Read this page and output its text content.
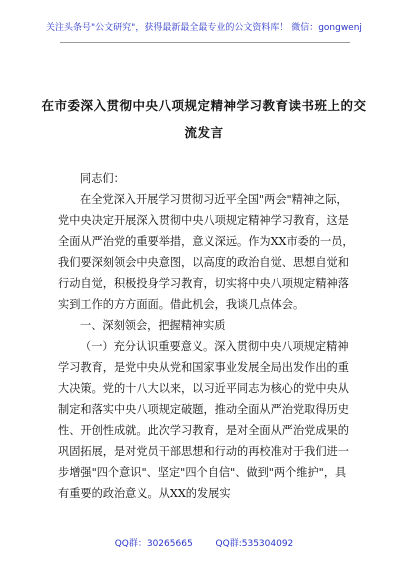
关注头条号"公文研究"，获得最新最全最专业的公文资料库！ 微信：gongwenj
在市委深入贯彻中央八项规定精神学习教育读书班上的交
流发言

同志们：

在全党深入开展学习贯彻习近平全国"两会"精神之际，党中央决定开展深入贯彻中央八项规定精神学习教育，这是全面从严治党的重要举措，意义深远。作为XX市委的一员，我们要深刻领会中央意图，以高度的政治自觉、思想自觉和行动自觉，积极投身学习教育，切实将中央八项规定精神落实到工作的方方面面。借此机会，我谈几点体会。

一、深刻领会，把握精神实质

（一）充分认识重要意义。深入贯彻中央八项规定精神学习教育，是党中央从党和国家事业发展全局出发作出的重大决策。党的十八大以来，以习近平同志为核心的党中央从制定和落实中央八项规定破题，推动全面从严治党取得历史性、开创性成就。此次学习教育，是对全面从严治党成果的巩固拓展，是对党员干部思想和行动的再校准对于我们进一步增强"四个意识"、坚定"四个自信"、做到"两个维护"，具有重要的政治意义。从XX的发展实

QQ群：30265665	QQ群:535304092
